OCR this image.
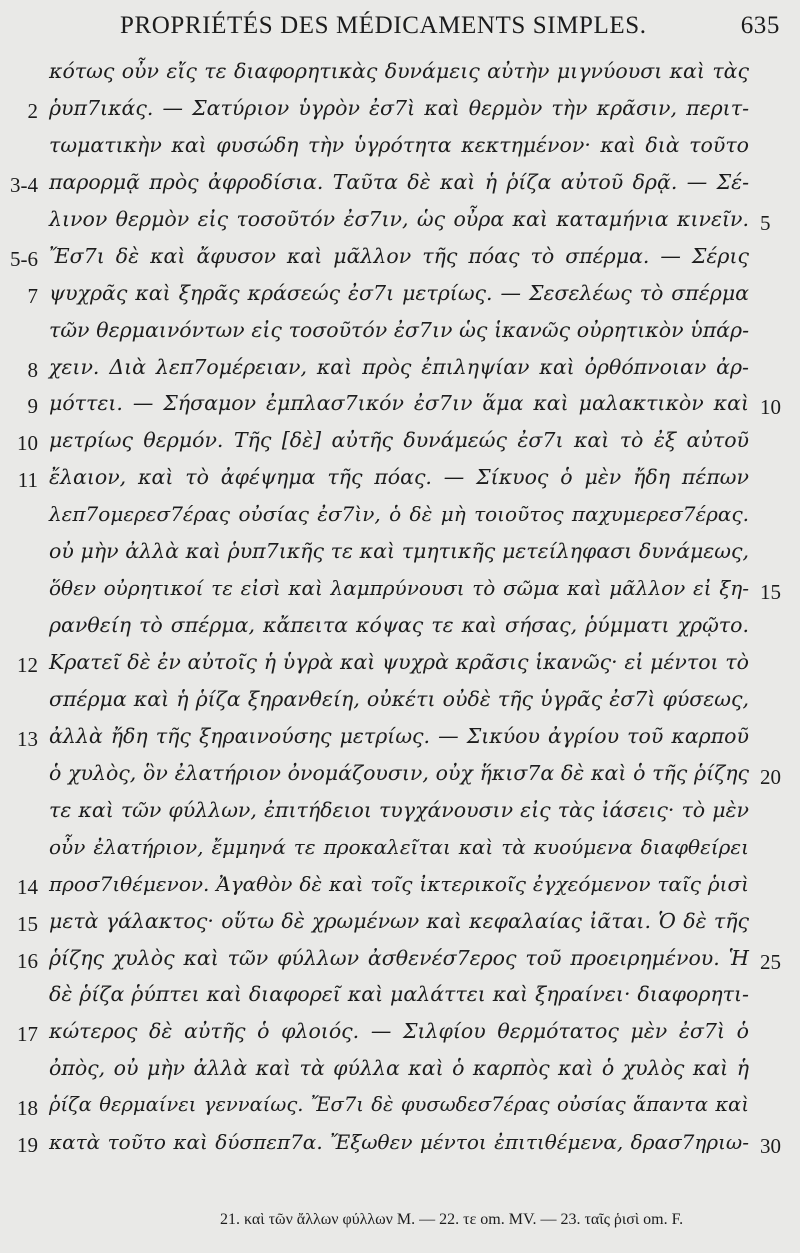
PROPRIÉTÉS DES MÉDICAMENTS SIMPLES.	635
κότως οὖν εἴς τε διαφορητικὰς δυνάμεις αὐτὴν μιγνύουσι καὶ τὰς
2 ῥυπ7ικάς. — Σατύριον ὑγρὸν ἐσ7ὶ καὶ θερμὸν τὴν κρᾶσιν, περιτ-
τωματικὴν καὶ φυσώδη τὴν ὑγρότητα κεκτημένον· καὶ διὰ τοῦτο
3-4 παρορμᾷ πρὸς ἀφροδίσια. Ταῦτα δὲ καὶ ἡ ῥίζα αὐτοῦ δρᾷ. — Σέ-
λινον θερμὸν εἰς τοσοῦτόν ἐσ7ιν, ὡς οὖρα καὶ καταμήνια κινεῖν. 5
5-6 Ἔσ7ι δὲ καὶ ἄφυσον καὶ μᾶλλον τῆς πόας τὸ σπέρμα. — Σέρις
7 ψυχρᾶς καὶ ξηρᾶς κράσεώς ἐσ7ι μετρίως. — Σεσελέως τὸ σπέρμα
τῶν θερμαινόντων εἰς τοσοῦτόν ἐσ7ιν ὡς ἱκανῶς οὐρητικὸν ὑπάρ-
8 χειν. Διὰ λεπ7ομέρειαν, καὶ πρὸς ἐπιληψίαν καὶ ὀρθόπνοιαν ἀρ-
9 μόττει. — Σήσαμον ἐμπλασ7ικόν ἐσ7ιν ἅμα καὶ μαλακτικὸν καὶ 10
10 μετρίως θερμόν. Τῆς [δὲ] αὐτῆς δυνάμεώς ἐσ7ι καὶ τὸ ἐξ αὐτοῦ
11 ἔλαιον, καὶ τὸ ἀφέψημα τῆς πόας. — Σίκυος ὁ μὲν ἤδη πέπων
λεπ7ομερεσ7έρας οὐσίας ἐσ7ὶν, ὁ δὲ μὴ τοιοῦτος παχυμερεσ7έρας.
οὐ μὴν ἀλλὰ καὶ ῥυπ7ικῆς τε καὶ τμητικῆς μετείληφασι δυνάμεως,
ὅθεν οὐρητικοί τε εἰσὶ καὶ λαμπρύνουσι τὸ σῶμα καὶ μᾶλλον εἰ ξη- 15
ρανθείη τὸ σπέρμα, κἄπειτα κόψας τε καὶ σήσας, ῥύμματι χρῷτο.
12 Κρατεῖ δὲ ἐν αὐτοῖς ἡ ὑγρὰ καὶ ψυχρὰ κρᾶσις ἱκανῶς· εἰ μέντοι τὸ
σπέρμα καὶ ἡ ῥίζα ξηρανθείη, οὐκέτι οὐδὲ τῆς ὑγρᾶς ἐσ7ὶ φύσεως,
13 ἀλλὰ ἤδη τῆς ξηραινούσης μετρίως. — Σικύου ἀγρίου τοῦ καρποῦ
ὁ χυλὸς, ὃν ἐλατήριον ὀνομάζουσιν, οὐχ ἥκισ7α δὲ καὶ ὁ τῆς ῥίζης 20
τε καὶ τῶν φύλλων, ἐπιτήδειοι τυγχάνουσιν εἰς τὰς ἰάσεις· τὸ μὲν
οὖν ἐλατήριον, ἔμμηνά τε προκαλεῖται καὶ τὰ κυούμενα διαφθείρει
14 προσ7ιθέμενον. Ἀγαθὸν δὲ καὶ τοῖς ἰκτερικοῖς ἐγχεόμενον ταῖς ῥισὶ
15 μετὰ γάλακτος· οὕτω δὲ χρωμένων καὶ κεφαλαίας ἰᾶται. Ὁ δὲ τῆς
16 ῥίζης χυλὸς καὶ τῶν φύλλων ἀσθενέσ7ερος τοῦ προειρημένου. Ἡ 25
δὲ ῥίζα ῥύπτει καὶ διαφορεῖ καὶ μαλάττει καὶ ξηραίνει· διαφορητι-
17 κώτερος δὲ αὐτῆς ὁ φλοιός. — Σιλφίου θερμότατος μὲν ἐσ7ὶ ὁ
ὀπὸς, οὐ μὴν ἀλλὰ καὶ τὰ φύλλα καὶ ὁ καρπὸς καὶ ὁ χυλὸς καὶ ἡ
18 ῥίζα θερμαίνει γενναίως. Ἔσ7ι δὲ φυσωδεσ7έρας οὐσίας ἅπαντα καὶ
19 κατὰ τοῦτο καὶ δύσπεπ7α. Ἔξωθεν μέντοι ἐπιτιθέμενα, δρασ7ηριω- 30
21. καὶ τῶν ἄλλων φύλλων M. — 22. τε om. MV. — 23. ταῖς ῥισὶ om. F.
